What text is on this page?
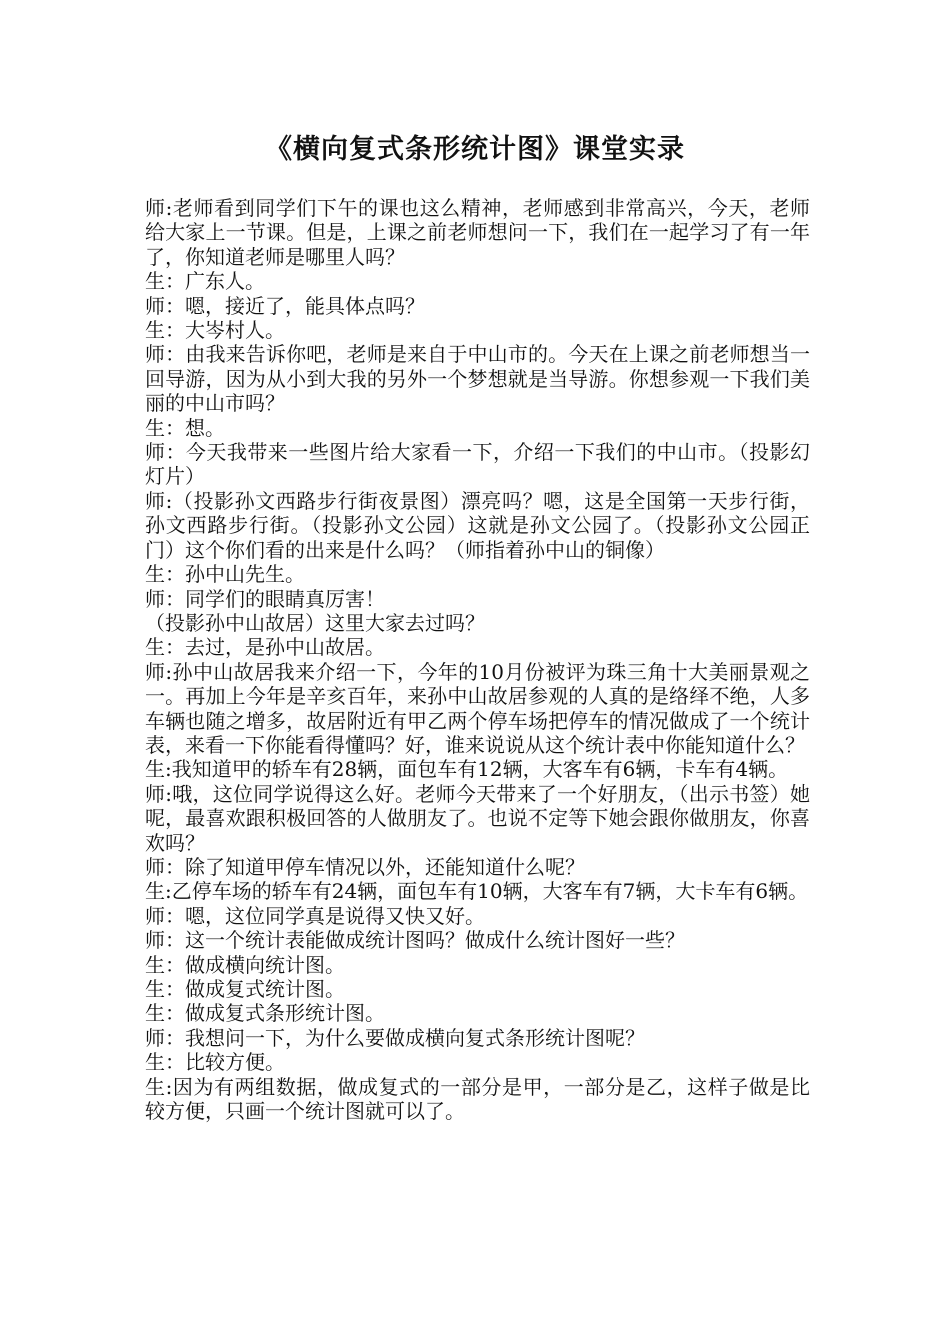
《横向复式条形统计图》课堂实录

师:老师看到同学们下午的课也这么精神，老师感到非常高兴，今天，老师给大家上一节课。但是，上课之前老师想问一下，我们在一起学习了有一年了，你知道老师是哪里人吗？

生：广东人。

师：嗯，接近了，能具体点吗？

生：大岑村人。

师：由我来告诉你吧，老师是来自于中山市的。今天在上课之前老师想当一回导游，因为从小到大我的另外一个梦想就是当导游。你想参观一下我们美丽的中山市吗？

生：想。

师：今天我带来一些图片给大家看一下，介绍一下我们的中山市。（投影幻灯片）

师:（投影孙文西路步行街夜景图）漂亮吗？嗯，这是全国第一天步行街，孙文西路步行街。（投影孙文公园）这就是孙文公园了。（投影孙文公园正门）这个你们看的出来是什么吗？（师指着孙中山的铜像）

生：孙中山先生。

师：同学们的眼睛真厉害！

（投影孙中山故居）这里大家去过吗？

生：去过，是孙中山故居。

师:孙中山故居我来介绍一下，今年的10月份被评为珠三角十大美丽景观之一。再加上今年是辛亥百年，来孙中山故居参观的人真的是络绎不绝，人多车辆也随之增多，故居附近有甲乙两个停车场把停车的情况做成了一个统计表，来看一下你能看得懂吗？好，谁来说说从这个统计表中你能知道什么？

生:我知道甲的轿车有28辆，面包车有12辆，大客车有6辆，卡车有4辆。

师:哦，这位同学说得这么好。老师今天带来了一个好朋友，（出示书签）她呢，最喜欢跟积极回答的人做朋友了。也说不定等下她会跟你做朋友，你喜欢吗？

师：除了知道甲停车情况以外，还能知道什么呢？

生:乙停车场的轿车有24辆，面包车有10辆，大客车有7辆，大卡车有6辆。

师：嗯，这位同学真是说得又快又好。

师：这一个统计表能做成统计图吗？做成什么统计图好一些？

生：做成横向统计图。

生：做成复式统计图。

生：做成复式条形统计图。

师：我想问一下，为什么要做成横向复式条形统计图呢？

生：比较方便。

生:因为有两组数据，做成复式的一部分是甲，一部分是乙，这样子做是比较方便，只画一个统计图就可以了。
